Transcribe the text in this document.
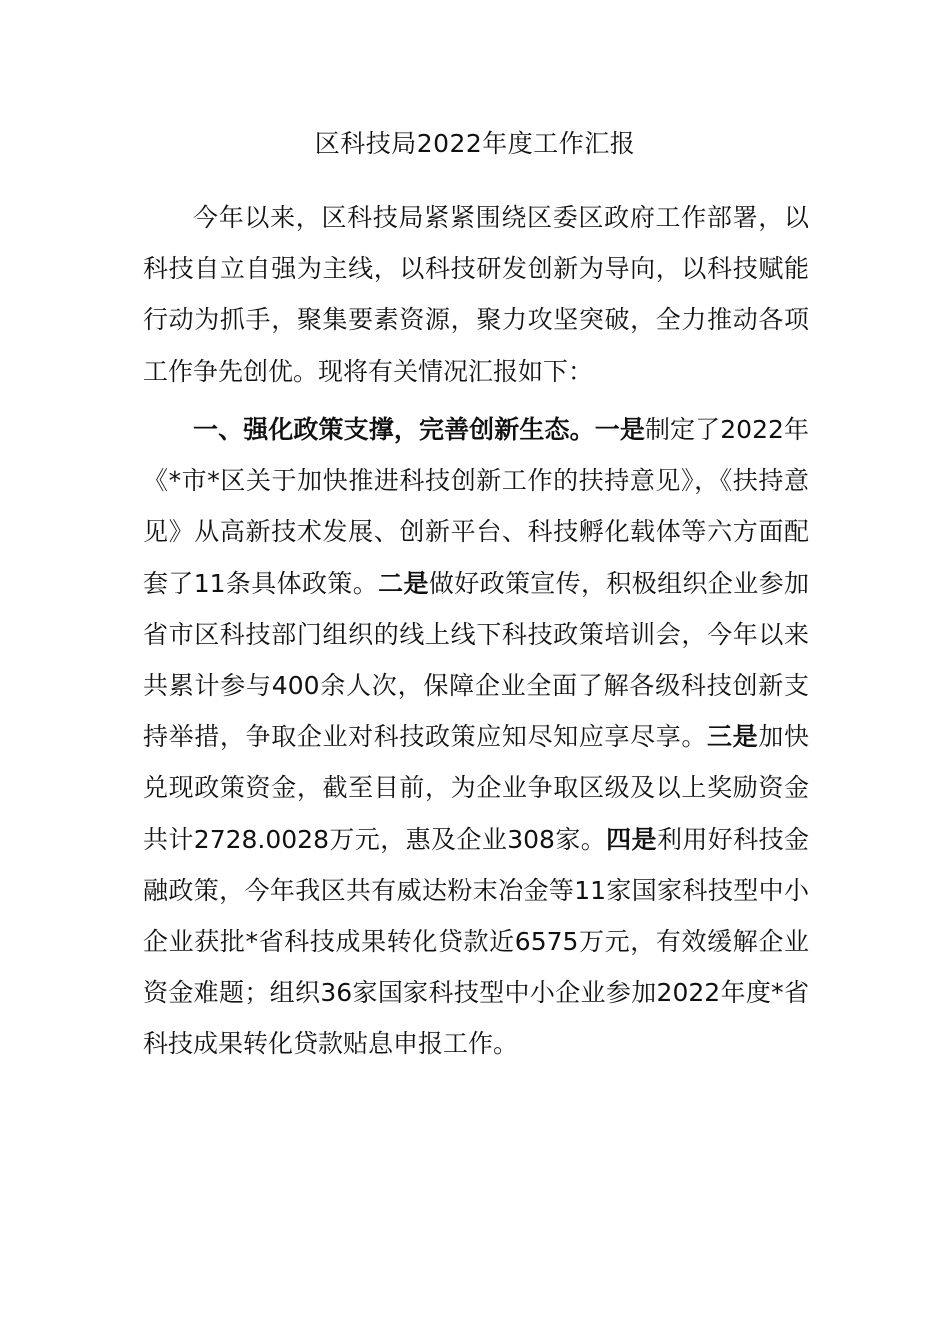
区科技局2022年度工作汇报

今年以来，区科技局紧紧围绕区委区政府工作部署，以科技自立自强为主线，以科技研发创新为导向，以科技赋能行动为抓手，聚集要素资源，聚力攻坚突破，全力推动各项工作争先创优。现将有关情况汇报如下：

一、强化政策支撑，完善创新生态。一是制定了2022年《*市*区关于加快推进科技创新工作的扶持意见》，《扶持意见》从高新技术发展、创新平台、科技孵化载体等六方面配套了11条具体政策。二是做好政策宣传，积极组织企业参加省市区科技部门组织的线上线下科技政策培训会，今年以来共累计参与400余人次，保障企业全面了解各级科技创新支持举措，争取企业对科技政策应知尽知应享尽享。三是加快兑现政策资金，截至目前，为企业争取区级及以上奖励资金共计2728.0028万元，惠及企业308家。四是利用好科技金融政策，今年我区共有威达粉末冶金等11家国家科技型中小企业获批*省科技成果转化贷款近6575万元，有效缓解企业资金难题；组织36家国家科技型中小企业参加2022年度*省科技成果转化贷款贴息申报工作。
